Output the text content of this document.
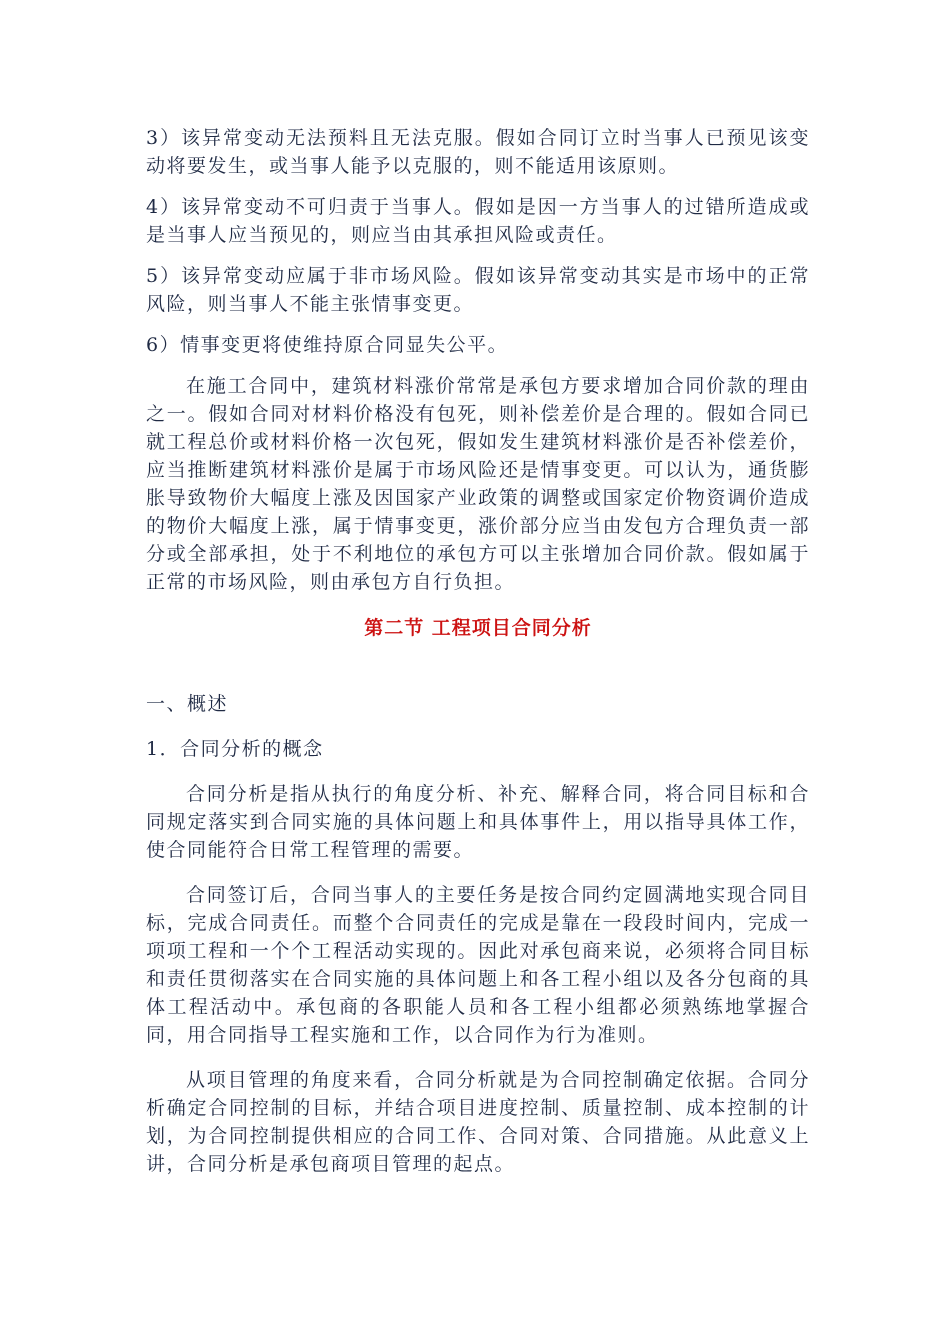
3）该异常变动无法预料且无法克服。假如合同订立时当事人已预见该变动将要发生，或当事人能予以克服的，则不能适用该原则。

4）该异常变动不可归责于当事人。假如是因一方当事人的过错所造成或是当事人应当预见的，则应当由其承担风险或责任。

5）该异常变动应属于非市场风险。假如该异常变动其实是市场中的正常风险，则当事人不能主张情事变更。

6）情事变更将使维持原合同显失公平。

在施工合同中，建筑材料涨价常常是承包方要求增加合同价款的理由之一。假如合同对材料价格没有包死，则补偿差价是合理的。假如合同已就工程总价或材料价格一次包死，假如发生建筑材料涨价是否补偿差价，应当推断建筑材料涨价是属于市场风险还是情事变更。可以认为，通货膨胀导致物价大幅度上涨及因国家产业政策的调整或国家定价物资调价造成的物价大幅度上涨，属于情事变更，涨价部分应当由发包方合理负责一部分或全部承担，处于不利地位的承包方可以主张增加合同价款。假如属于正常的市场风险，则由承包方自行负担。

第二节 工程项目合同分析

一、概述

1．合同分析的概念

合同分析是指从执行的角度分析、补充、解释合同，将合同目标和合同规定落实到合同实施的具体问题上和具体事件上，用以指导具体工作，使合同能符合日常工程管理的需要。

合同签订后，合同当事人的主要任务是按合同约定圆满地实现合同目标，完成合同责任。而整个合同责任的完成是靠在一段段时间内，完成一项项工程和一个个工程活动实现的。因此对承包商来说，必须将合同目标和责任贯彻落实在合同实施的具体问题上和各工程小组以及各分包商的具体工程活动中。承包商的各职能人员和各工程小组都必须熟练地掌握合同，用合同指导工程实施和工作，以合同作为行为准则。

从项目管理的角度来看，合同分析就是为合同控制确定依据。合同分析确定合同控制的目标，并结合项目进度控制、质量控制、成本控制的计划，为合同控制提供相应的合同工作、合同对策、合同措施。从此意义上讲，合同分析是承包商项目管理的起点。
